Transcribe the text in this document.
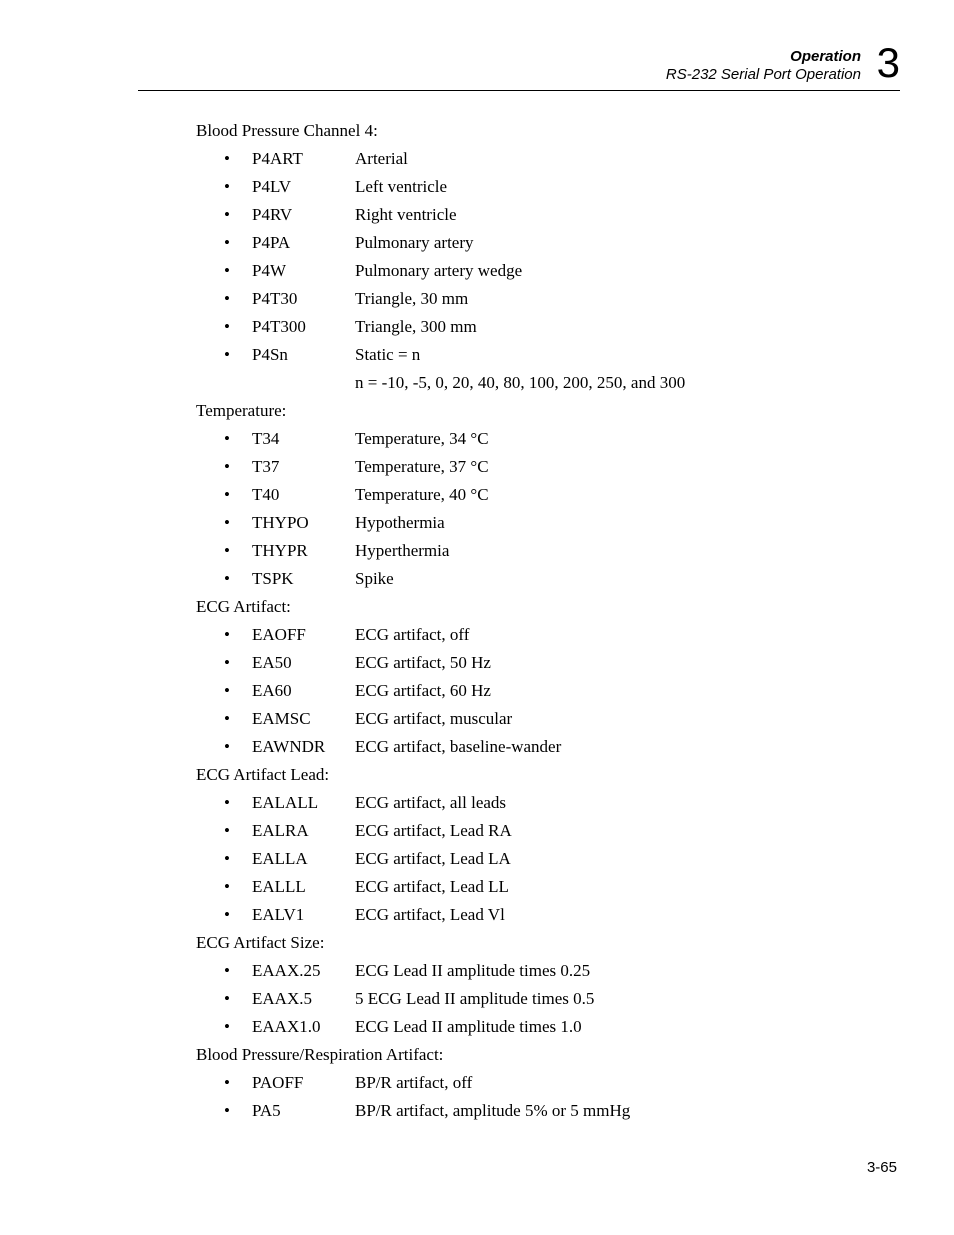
Operation
RS-232 Serial Port Operation 3
Blood Pressure Channel 4:
• P4ART	Arterial
• P4LV	Left ventricle
• P4RV	Right ventricle
• P4PA	Pulmonary artery
• P4W	Pulmonary artery wedge
• P4T30	Triangle, 30 mm
• P4T300	Triangle, 300 mm
• P4Sn	Static = n
n = -10, -5, 0, 20, 40, 80, 100, 200, 250, and 300
Temperature:
• T34	Temperature, 34 °C
• T37	Temperature, 37 °C
• T40	Temperature, 40 °C
• THYPO	Hypothermia
• THYPR	Hyperthermia
• TSPK	Spike
ECG Artifact:
• EAOFF	ECG artifact, off
• EA50	ECG artifact, 50 Hz
• EA60	ECG artifact, 60 Hz
• EAMSC	ECG artifact, muscular
• EAWNDR ECG artifact, baseline-wander
ECG Artifact Lead:
• EALALL ECG artifact, all leads
• EALRA	ECG artifact, Lead RA
• EALLA	ECG artifact, Lead LA
• EALLL	ECG artifact, Lead LL
• EALV1	ECG artifact, Lead Vl
ECG Artifact Size:
• EAAX.25 ECG Lead II amplitude times 0.25
• EAAX.5	5 ECG Lead II amplitude times 0.5
• EAAX1.0 ECG Lead II amplitude times 1.0
Blood Pressure/Respiration Artifact:
• PAOFF	BP/R artifact, off
• PA5	BP/R artifact, amplitude 5% or 5 mmHg
3-65
